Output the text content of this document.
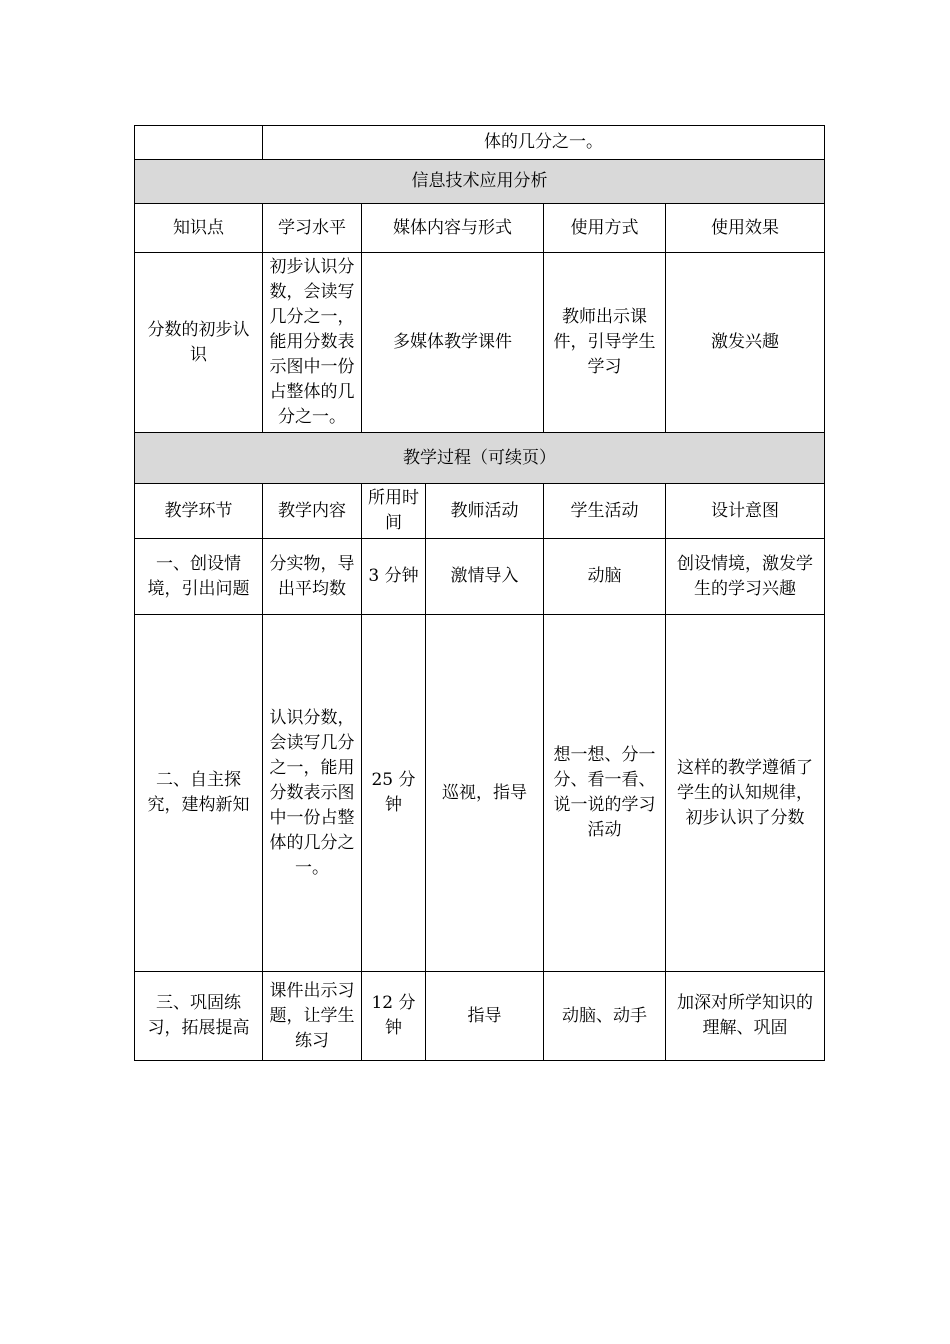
	体的几分之一。				
信息技术应用分析					
知识点	学习水平	媒体内容与形式		使用方式	使用效果
分数的初步认识	初步认识分数，会读写几分之一，能用分数表示图中一份占整体的几分之一。	多媒体教学课件		教师出示课件，引导学生学习	激发兴趣
教学过程（可续页）					
教学环节	教学内容	所用时间	教师活动	学生活动	设计意图
一、创设情境，引出问题	分实物，导出平均数	3 分钟	激情导入	动脑	创设情境，激发学生的学习兴趣
二、自主探究，建构新知	认识分数，会读写几分之一，能用分数表示图中一份占整体的几分之一。	25 分钟	巡视，指导	想一想、分一分、看一看、说一说的学习活动	这样的教学遵循了学生的认知规律，初步认识了分数
三、巩固练习，拓展提高	课件出示习题，让学生练习	12 分钟	指导	动脑、动手	加深对所学知识的理解、巩固
